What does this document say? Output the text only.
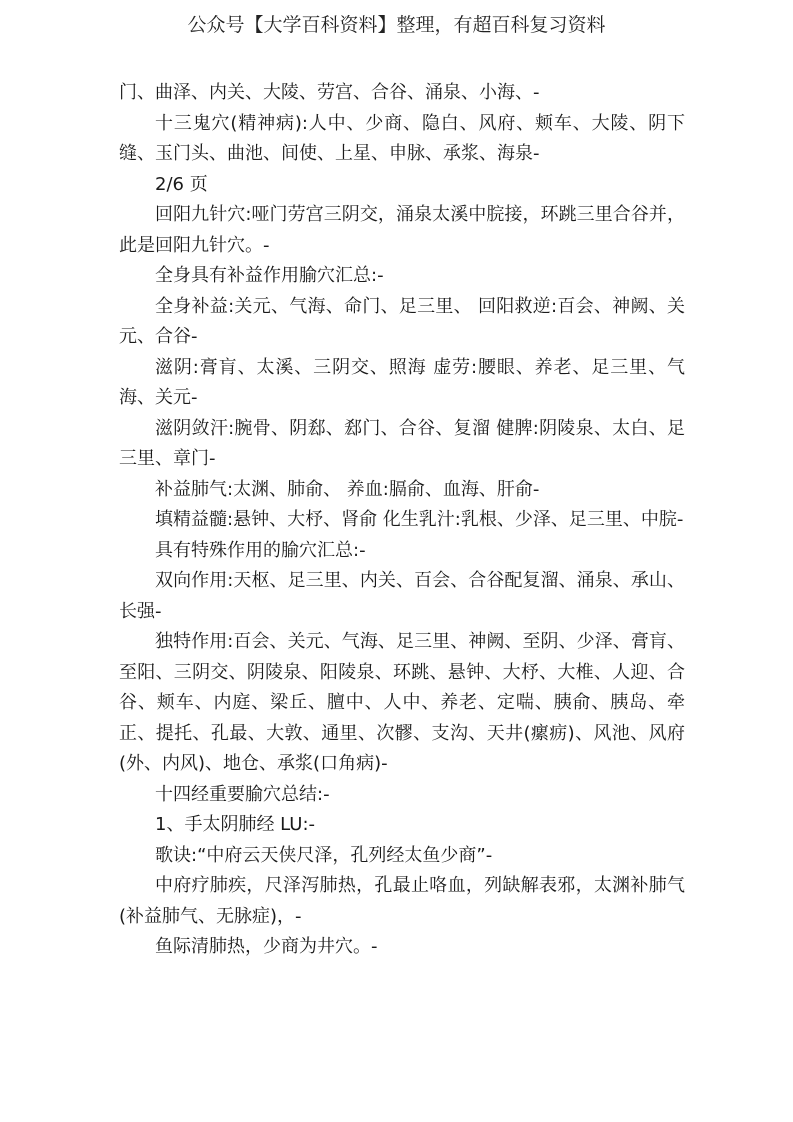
公众号【大学百科资料】整理，有超百科复习资料

门、曲泽、内关、大陵、劳宫、合谷、涌泉、小海、-

十三鬼穴(精神病):人中、少商、隐白、风府、颊车、大陵、阴下缝、玉门头、曲池、间使、上星、申脉、承浆、海泉-

2/6 页

回阳九针穴:哑门劳宫三阴交，涌泉太溪中脘接，环跳三里合谷并，此是回阳九针穴。-

全身具有补益作用腧穴汇总:-

全身补益:关元、气海、命门、足三里、 回阳救逆:百会、神阙、关元、合谷-

滋阴:膏肓、太溪、三阴交、照海 虚劳:腰眼、养老、足三里、气海、关元-

滋阴敛汗:腕骨、阴郄、郄门、合谷、复溜 健脾:阴陵泉、太白、足三里、章门-

补益肺气:太渊、肺俞、 养血:膈俞、血海、肝俞-

填精益髓:悬钟、大杼、肾俞 化生乳汁:乳根、少泽、足三里、中脘-

具有特殊作用的腧穴汇总:-

双向作用:天枢、足三里、内关、百会、合谷配复溜、涌泉、承山、长强-

独特作用:百会、关元、气海、足三里、神阙、至阴、少泽、膏肓、至阳、三阴交、阴陵泉、阳陵泉、环跳、悬钟、大杼、大椎、人迎、合谷、颊车、内庭、梁丘、膻中、人中、养老、定喘、胰俞、胰岛、牵正、提托、孔最、大敦、通里、次髎、支沟、天井(瘰疬)、风池、风府(外、内风)、地仓、承浆(口角病)-

十四经重要腧穴总结:-

1、手太阴肺经 LU:-

歌诀:“中府云天侠尺泽，孔列经太鱼少商”-

中府疗肺疾，尺泽泻肺热，孔最止咯血，列缺解表邪，太渊补肺气(补益肺气、无脉症)，-

鱼际清肺热，少商为井穴。-
